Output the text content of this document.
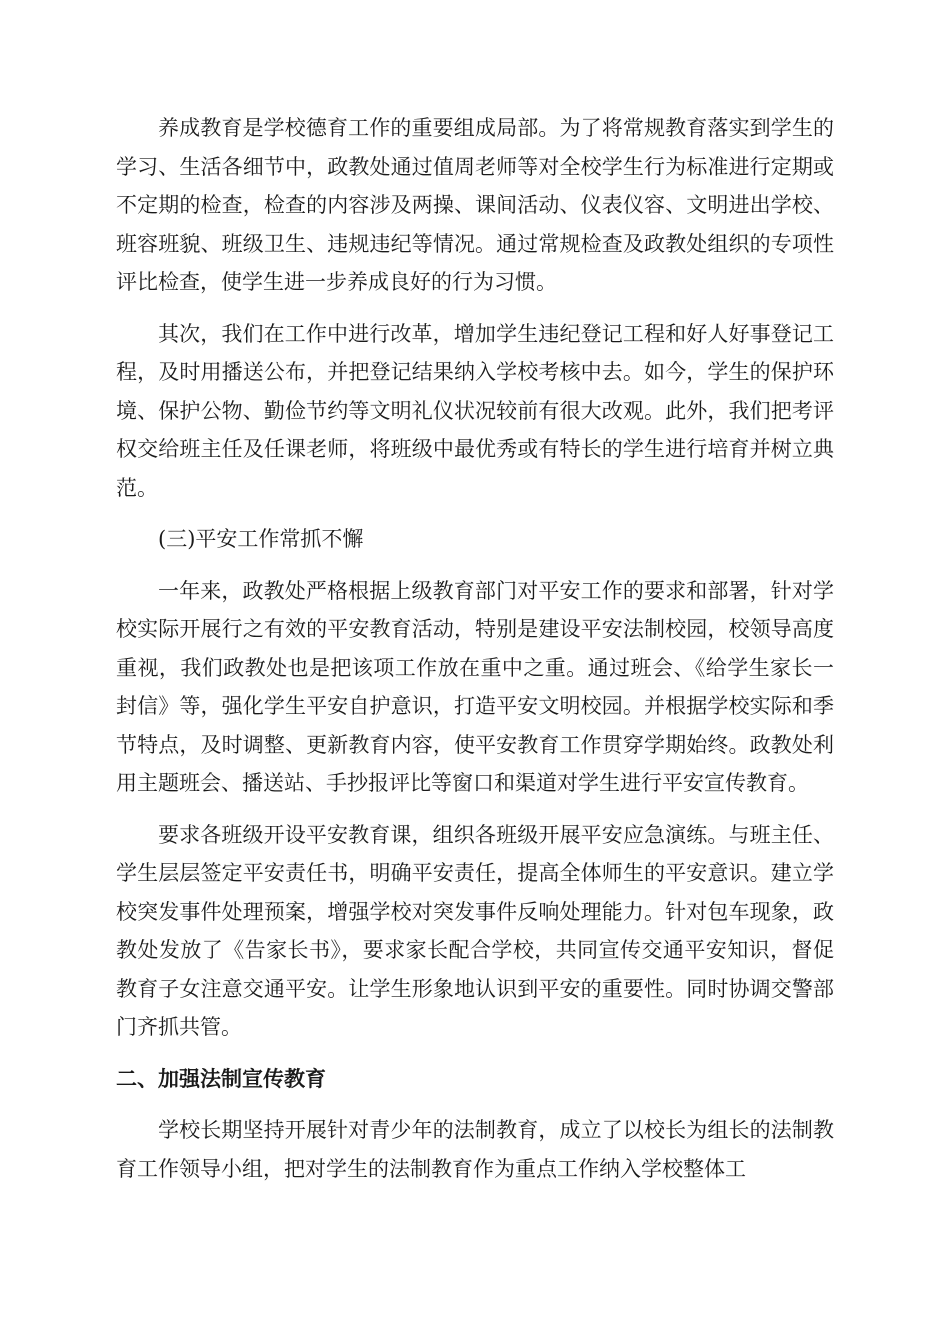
养成教育是学校德育工作的重要组成局部。为了将常规教育落实到学生的学习、生活各细节中，政教处通过值周老师等对全校学生行为标准进行定期或不定期的检查，检查的内容涉及两操、课间活动、仪表仪容、文明进出学校、班容班貌、班级卫生、违规违纪等情况。通过常规检查及政教处组织的专项性评比检查，使学生进一步养成良好的行为习惯。

其次，我们在工作中进行改革，增加学生违纪登记工程和好人好事登记工程，及时用播送公布，并把登记结果纳入学校考核中去。如今，学生的保护环境、保护公物、勤俭节约等文明礼仪状况较前有很大改观。此外，我们把考评权交给班主任及任课老师，将班级中最优秀或有特长的学生进行培育并树立典范。

(三)平安工作常抓不懈

一年来，政教处严格根据上级教育部门对平安工作的要求和部署，针对学校实际开展行之有效的平安教育活动，特别是建设平安法制校园，校领导高度重视，我们政教处也是把该项工作放在重中之重。通过班会、《给学生家长一封信》等，强化学生平安自护意识，打造平安文明校园。并根据学校实际和季节特点，及时调整、更新教育内容，使平安教育工作贯穿学期始终。政教处利用主题班会、播送站、手抄报评比等窗口和渠道对学生进行平安宣传教育。

要求各班级开设平安教育课，组织各班级开展平安应急演练。与班主任、学生层层签定平安责任书，明确平安责任，提高全体师生的平安意识。建立学校突发事件处理预案，增强学校对突发事件反响处理能力。针对包车现象，政教处发放了《告家长书》，要求家长配合学校，共同宣传交通平安知识，督促教育子女注意交通平安。让学生形象地认识到平安的重要性。同时协调交警部门齐抓共管。

二、加强法制宣传教育

学校长期坚持开展针对青少年的法制教育，成立了以校长为组长的法制教育工作领导小组，把对学生的法制教育作为重点工作纳入学校整体工
